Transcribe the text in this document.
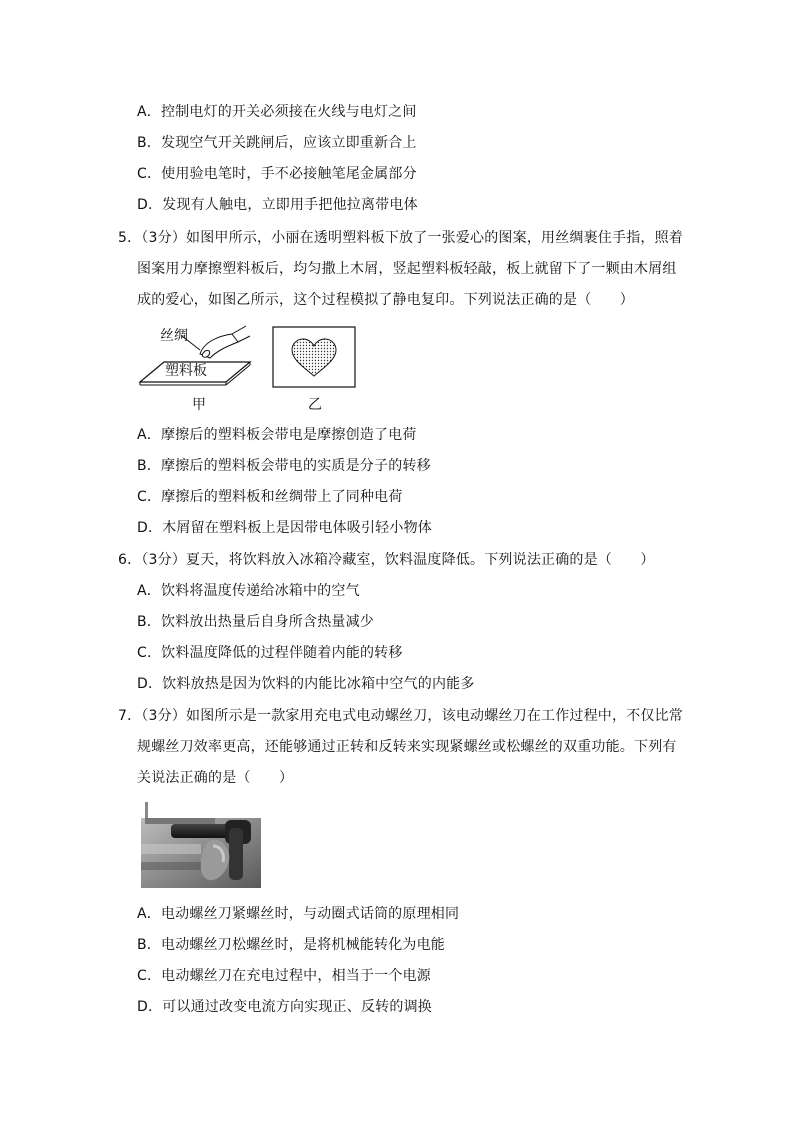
A．控制电灯的开关必须接在火线与电灯之间
B．发现空气开关跳闸后，应该立即重新合上
C．使用验电笔时，手不必接触笔尾金属部分
D．发现有人触电，立即用手把他拉离带电体
5．（3分）如图甲所示，小丽在透明塑料板下放了一张爱心的图案，用丝绸裹住手指，照着
图案用力摩擦塑料板后，均匀撒上木屑，竖起塑料板轻敲，板上就留下了一颗由木屑组
成的爱心，如图乙所示，这个过程模拟了静电复印。下列说法正确的是（　　）
丝绸
塑料板
甲	乙
A．摩擦后的塑料板会带电是摩擦创造了电荷
B．摩擦后的塑料板会带电的实质是分子的转移
C．摩擦后的塑料板和丝绸带上了同种电荷
D．木屑留在塑料板上是因带电体吸引轻小物体
6．（3分）夏天，将饮料放入冰箱冷藏室，饮料温度降低。下列说法正确的是（　　）
A．饮料将温度传递给冰箱中的空气
B．饮料放出热量后自身所含热量减少
C．饮料温度降低的过程伴随着内能的转移
D．饮料放热是因为饮料的内能比冰箱中空气的内能多
7．（3分）如图所示是一款家用充电式电动螺丝刀，该电动螺丝刀在工作过程中，不仅比常
规螺丝刀效率更高，还能够通过正转和反转来实现紧螺丝或松螺丝的双重功能。下列有
关说法正确的是（　　）
A．电动螺丝刀紧螺丝时，与动圈式话筒的原理相同
B．电动螺丝刀松螺丝时，是将机械能转化为电能
C．电动螺丝刀在充电过程中，相当于一个电源
D．可以通过改变电流方向实现正、反转的调换
